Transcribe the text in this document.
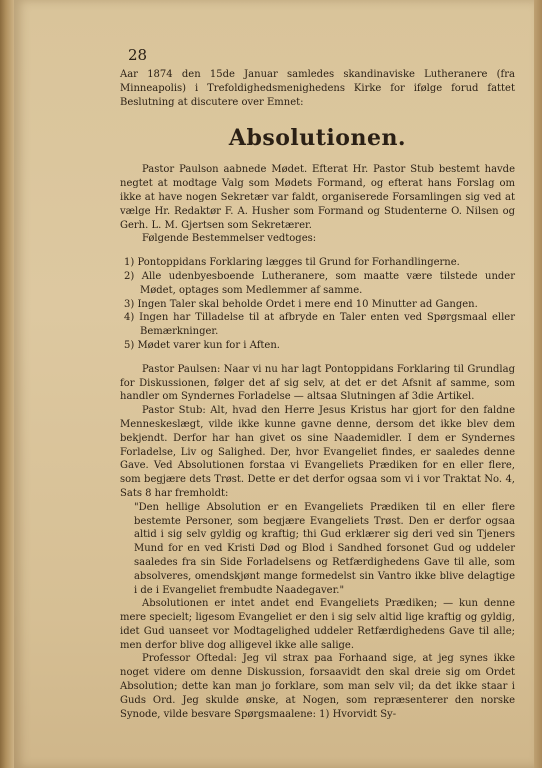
28
Aar 1874 den 15de Januar samledes skandinaviske Lutheranere (fra Minneapolis) i Trefoldighedsmenighedens Kirke for ifølge forud fattet Beslutning at discutere over Emnet:
Absolutionen.
Pastor Paulson aabnede Mødet. Efterat Hr. Pastor Stub bestemt havde negtet at modtage Valg som Mødets Formand, og efterat hans Forslag om ikke at have nogen Sekretær var faldt, organiserede Forsamlingen sig ved at vælge Hr. Redaktør F. A. Husher som Formand og Studenterne O. Nilsen og Gerh. L. M. Gjertsen som Sekretærer.
Følgende Bestemmelser vedtoges:
1) Pontoppidans Forklaring lægges til Grund for Forhandlingerne.
2) Alle udenbyesboende Lutheranere, som maatte være tilstede under Mødet, optages som Medlemmer af samme.
3) Ingen Taler skal beholde Ordet i mere end 10 Minutter ad Gangen.
4) Ingen har Tilladelse til at afbryde en Taler enten ved Spørgsmaal eller Bemærkninger.
5) Mødet varer kun for i Aften.
Pastor Paulsen: Naar vi nu har lagt Pontoppidans Forklaring til Grundlag for Diskussionen, følger det af sig selv, at det er det Afsnit af samme, som handler om Syndernes Forladelse — altsaa Slutningen af 3die Artikel.
Pastor Stub: Alt, hvad den Herre Jesus Kristus har gjort for den faldne Menneskeslægt, vilde ikke kunne gavne denne, dersom det ikke blev dem bekjendt. Derfor har han givet os sine Naademidler. I dem er Syndernes Forladelse, Liv og Salighed. Der, hvor Evangeliet findes, er saaledes denne Gave. Ved Absolutionen forstaa vi Evangeliets Prædiken for en eller flere, som begjære dets Trøst. Dette er det derfor ogsaa som vi i vor Traktat No. 4, Sats 8 har fremholdt:
"Den hellige Absolution er en Evangeliets Prædiken til en eller flere bestemte Personer, som begjære Evangeliets Trøst. Den er derfor ogsaa altid i sig selv gyldig og kraftig; thi Gud erklærer sig deri ved sin Tjeners Mund for en ved Kristi Død og Blod i Sandhed forsonet Gud og uddeler saaledes fra sin Side Forladelsens og Retfærdighedens Gave til alle, som absolveres, omendskjønt mange formedelst sin Vantro ikke blive delagtige i de i Evangeliet frembudte Naadegaver."
Absolutionen er intet andet end Evangeliets Prædiken; — kun denne mere specielt; ligesom Evangeliet er den i sig selv altid lige kraftig og gyldig, idet Gud uanseet vor Modtagelighed uddeler Retfærdighedens Gave til alle; men derfor blive dog alligevel ikke alle salige.
Professor Oftedal: Jeg vil strax paa Forhaand sige, at jeg synes ikke noget videre om denne Diskussion, forsaavidt den skal dreie sig om Ordet Absolution; dette kan man jo forklare, som man selv vil; da det ikke staar i Guds Ord. Jeg skulde ønske, at Nogen, som repræsenterer den norske Synode, vilde besvare Spørgsmaalene: 1) Hvorvidt Sy-
